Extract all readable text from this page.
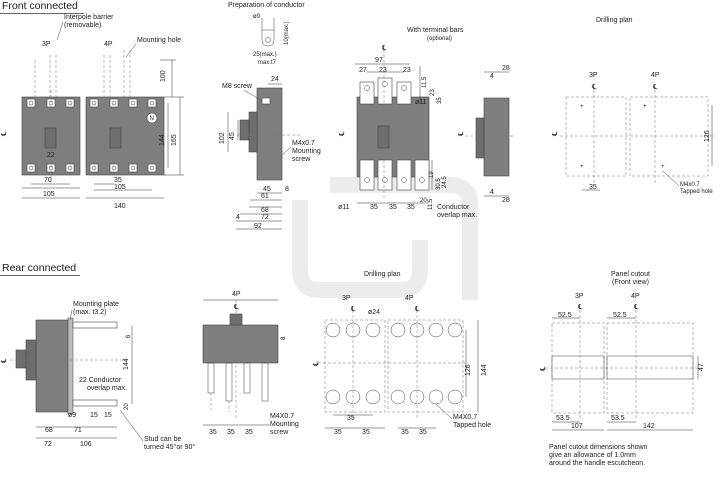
Front connected
Rear connected
3P	4P
Interpole barrier
(removable)
Mounting hole
℄
N
100
144 165
22
70
105
35
105
140
Preparation of conductor
ø9
10(max.)
25(max.)
max.t7
M8 screw
M4x0.7
Mounting
screw
24
102 45
45 8
61
68
72
4
92
With terminal bars
(optional)
℄
97
23 23
27
11.5
23
35
ø11
ø11	35 35 35
20
30.5
19
24.5
11.5 Conductor
overlap max.
℄
4
28
4
28
℄
Drilling plan
+
+
+
+
3P	4P
℄	℄
126
35	M4x0.7
Tapped hole
℄
Mounting plate
(max. t3.2)
22 Conductor
overlap max.
Stud can be
turned 45°or 90°
6
144
20
ø9 15 15
68	71
72	106
℄
4P
℄
8
35 35 35
M4X0.7
Mounting
screw
Drilling plan
3P	4P
℄	℄
ø24
126 144
35
35	35	35 35
M4X0.7
Tapped hole
℄
Panel cutout
(Front view)
3P	4P
℄	℄
52.5	52.5
47
53.5	53.5
107	142
Panel cutout dimensions shown
give an allowance of 1.0mm
around the handle escutcheon.
℄
